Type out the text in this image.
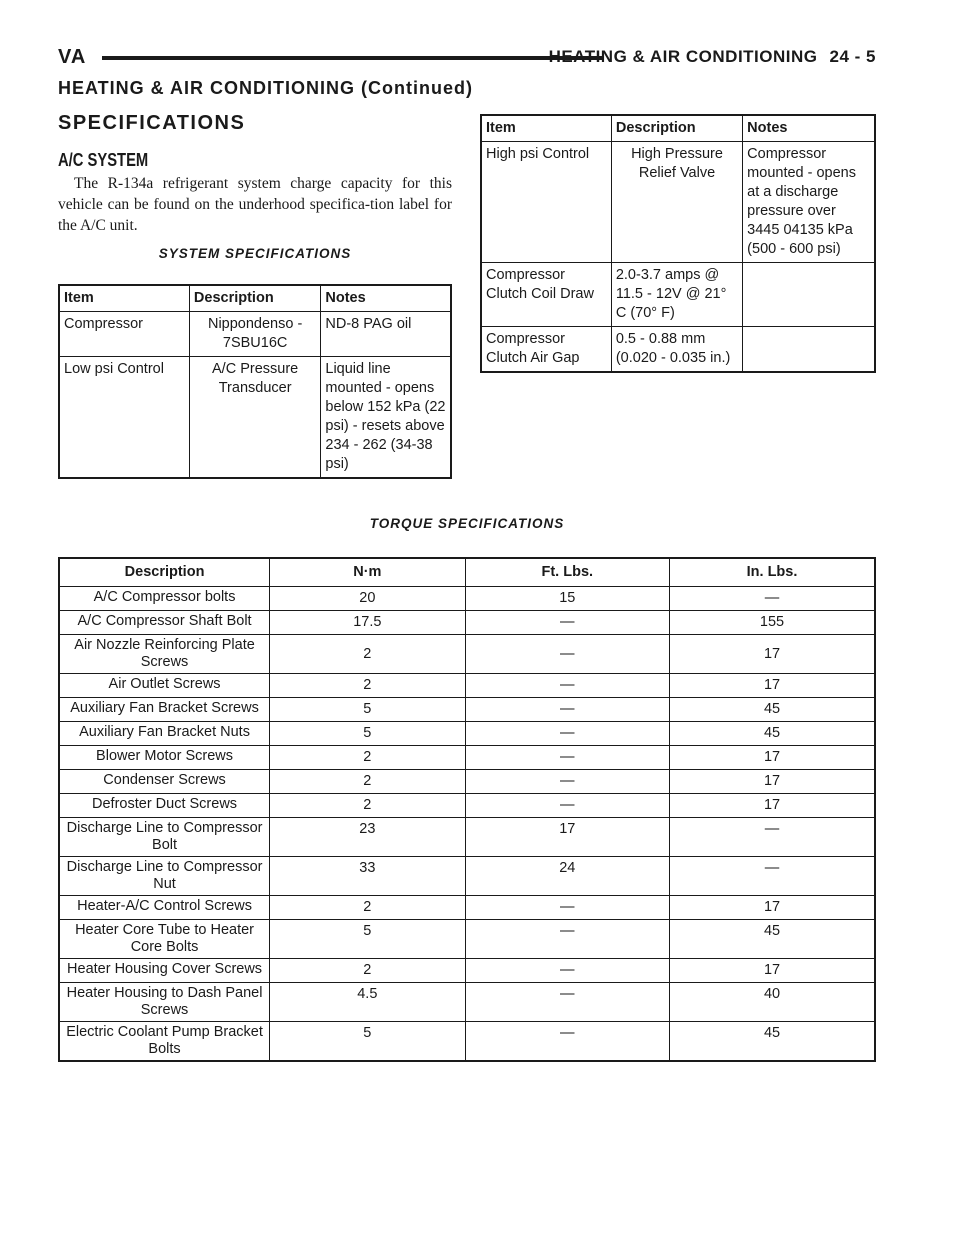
VA	HEATING & AIR CONDITIONING 24 - 5
HEATING & AIR CONDITIONING (Continued)
SPECIFICATIONS
A/C SYSTEM

The R-134a refrigerant system charge capacity for this vehicle can be found on the underhood specifica-tion label for the A/C unit.

SYSTEM SPECIFICATIONS
Item	Description	Notes
Compressor	Nippondenso - 7SBU16C	ND-8 PAG oil
Low psi Control	A/C Pressure Transducer	Liquid line mounted - opens below 152 kPa (22 psi) - resets above 234 - 262 (34-38 psi)
Item	Description	Notes
High psi Control	High Pressure Relief Valve	Compressor mounted - opens at a discharge pressure over 3445 04135 kPa (500 - 600 psi)
Compressor Clutch Coil Draw	2.0-3.7 amps @ 11.5 - 12V @ 21° C (70° F)	
Compressor Clutch Air Gap	0.5 - 0.88 mm (0.020 - 0.035 in.)	
TORQUE SPECIFICATIONS
Description	N·m	Ft. Lbs.	In. Lbs.
A/C Compressor bolts	20	15	—
A/C Compressor Shaft Bolt	17.5	—	155
Air Nozzle Reinforcing Plate Screws	2	—	17
Air Outlet Screws	2	—	17
Auxiliary Fan Bracket Screws	5	—	45
Auxiliary Fan Bracket Nuts	5	—	45
Blower Motor Screws	2	—	17
Condenser Screws	2	—	17
Defroster Duct Screws	2	—	17
Discharge Line to Compressor Bolt	23	17	—
Discharge Line to Compressor Nut	33	24	—
Heater-A/C Control Screws	2	—	17
Heater Core Tube to Heater Core Bolts	5	—	45
Heater Housing Cover Screws	2	—	17
Heater Housing to Dash Panel Screws	4.5	—	40
Electric Coolant Pump Bracket Bolts	5	—	45
